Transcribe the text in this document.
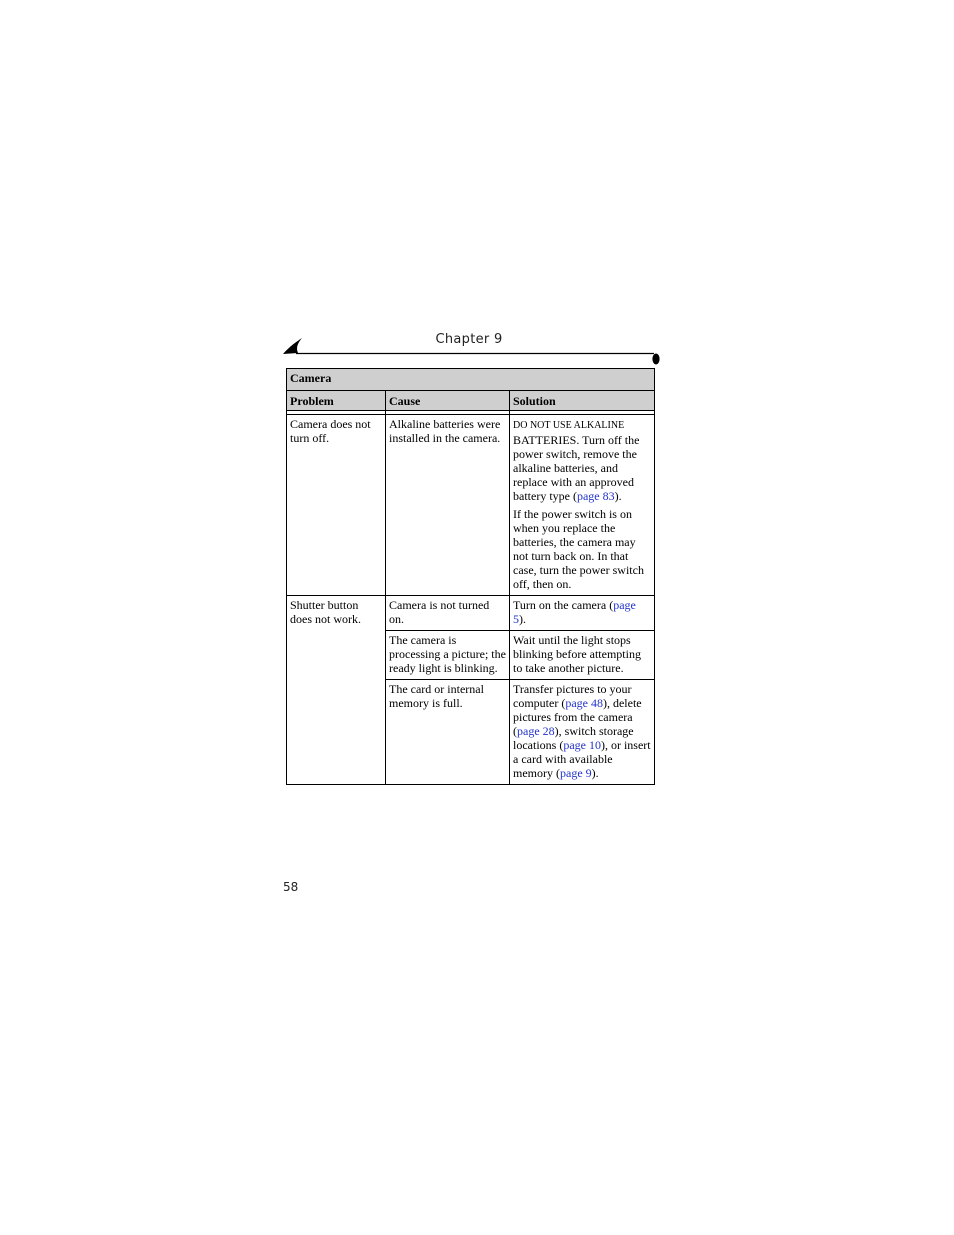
Chapter 9
Camera		
Problem	Cause	Solution

Camera does not turn off.	Alkaline batteries were installed in the camera.	DO NOT USE ALKALINE BATTERIES. Turn off the power switch, remove the alkaline batteries, and replace with an approved battery type (page 83).

If the power switch is on when you replace the batteries, the camera may not turn back on. In that case, turn the power switch off, then on.

Shutter button does not work.	Camera is not turned on.	Turn on the camera (page 5).
	The camera is processing a picture; the ready light is blinking.	Wait until the light stops blinking before attempting to take another picture.
	The card or internal memory is full.	Transfer pictures to your computer (page 48), delete pictures from the camera (page 28), switch storage locations (page 10), or insert a card with available memory (page 9).
58
